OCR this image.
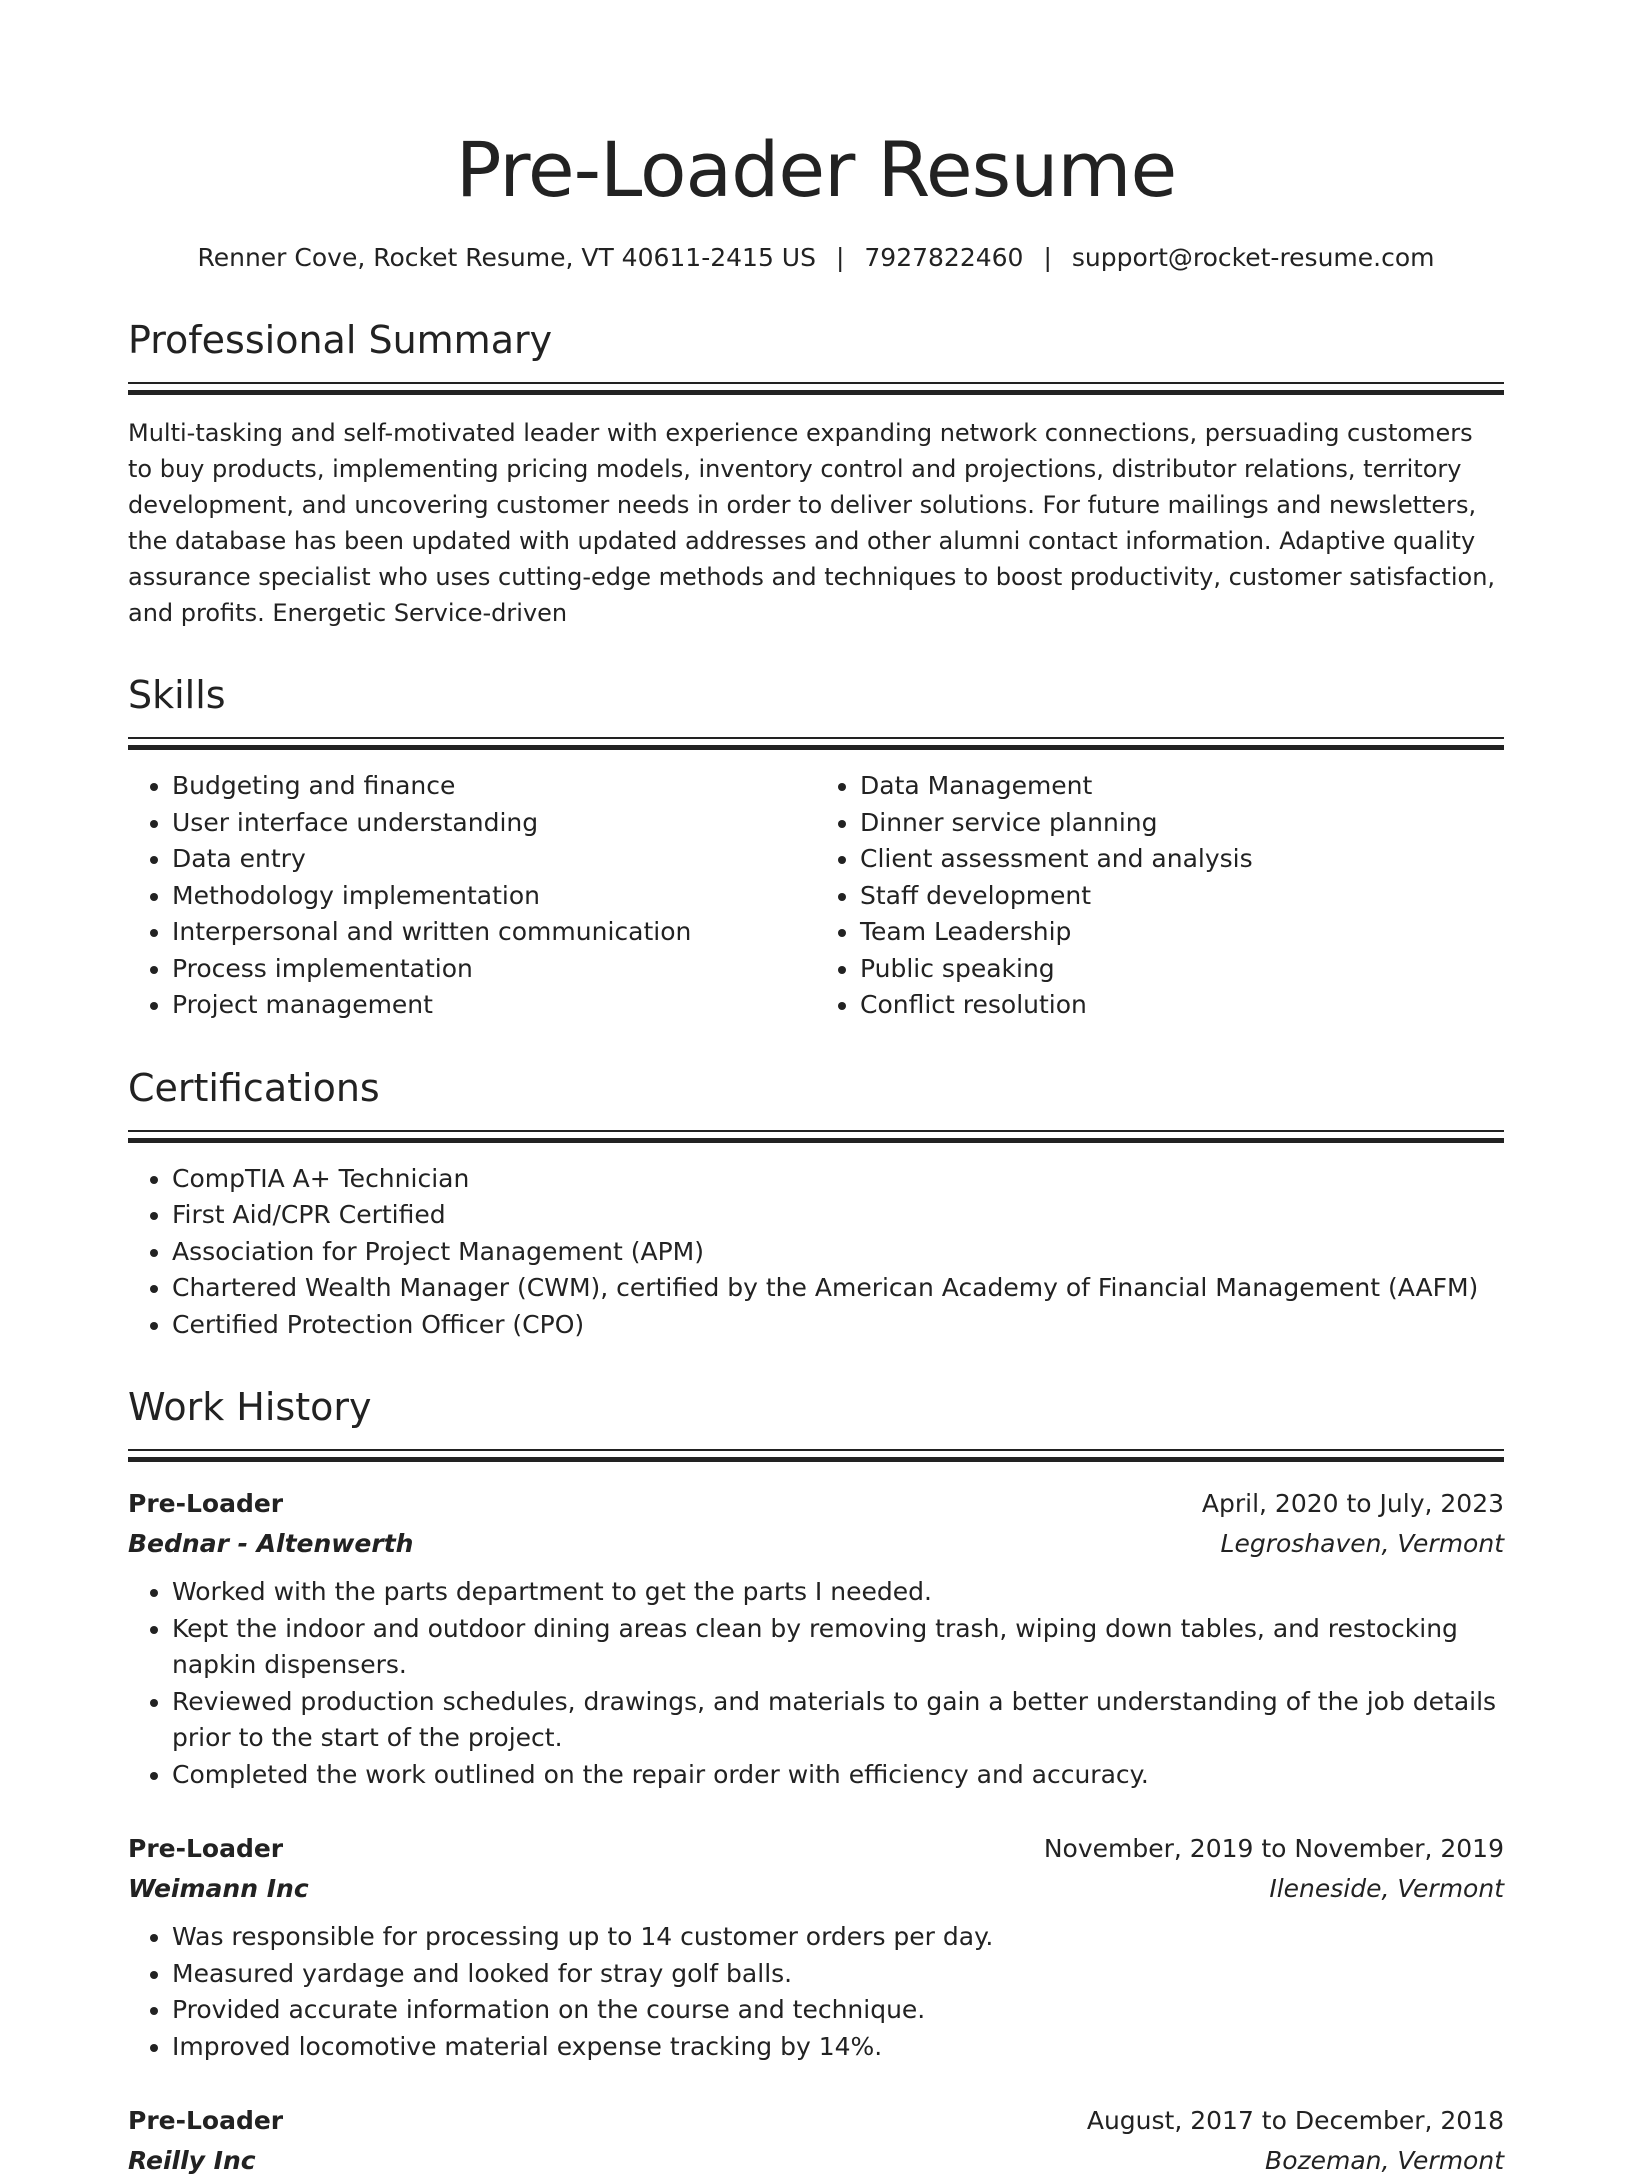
Pre-Loader Resume
Renner Cove, Rocket Resume, VT 40611-2415 US | 7927822460 | support@rocket-resume.com
Professional Summary
Multi-tasking and self-motivated leader with experience expanding network connections, persuading customers to buy products, implementing pricing models, inventory control and projections, distributor relations, territory development, and uncovering customer needs in order to deliver solutions. For future mailings and newsletters, the database has been updated with updated addresses and other alumni contact information. Adaptive quality assurance specialist who uses cutting-edge methods and techniques to boost productivity, customer satisfaction, and profits. Energetic Service-driven
Skills
• Budgeting and finance
• User interface understanding
• Data entry
• Methodology implementation
• Interpersonal and written communication
• Process implementation
• Project management
• Data Management
• Dinner service planning
• Client assessment and analysis
• Staff development
• Team Leadership
• Public speaking
• Conflict resolution
Certifications
• CompTIA A+ Technician
• First Aid/CPR Certified
• Association for Project Management (APM)
• Chartered Wealth Manager (CWM), certified by the American Academy of Financial Management (AAFM)
• Certified Protection Officer (CPO)
Work History
Pre-Loader	April, 2020 to July, 2023
Bednar - Altenwerth	Legroshaven, Vermont
• Worked with the parts department to get the parts I needed.
• Kept the indoor and outdoor dining areas clean by removing trash, wiping down tables, and restocking napkin dispensers.
• Reviewed production schedules, drawings, and materials to gain a better understanding of the job details prior to the start of the project.
• Completed the work outlined on the repair order with efficiency and accuracy.
Pre-Loader	November, 2019 to November, 2019
Weimann Inc	Ileneside, Vermont
• Was responsible for processing up to 14 customer orders per day.
• Measured yardage and looked for stray golf balls.
• Provided accurate information on the course and technique.
• Improved locomotive material expense tracking by 14%.
Pre-Loader	August, 2017 to December, 2018
Reilly Inc	Bozeman, Vermont
